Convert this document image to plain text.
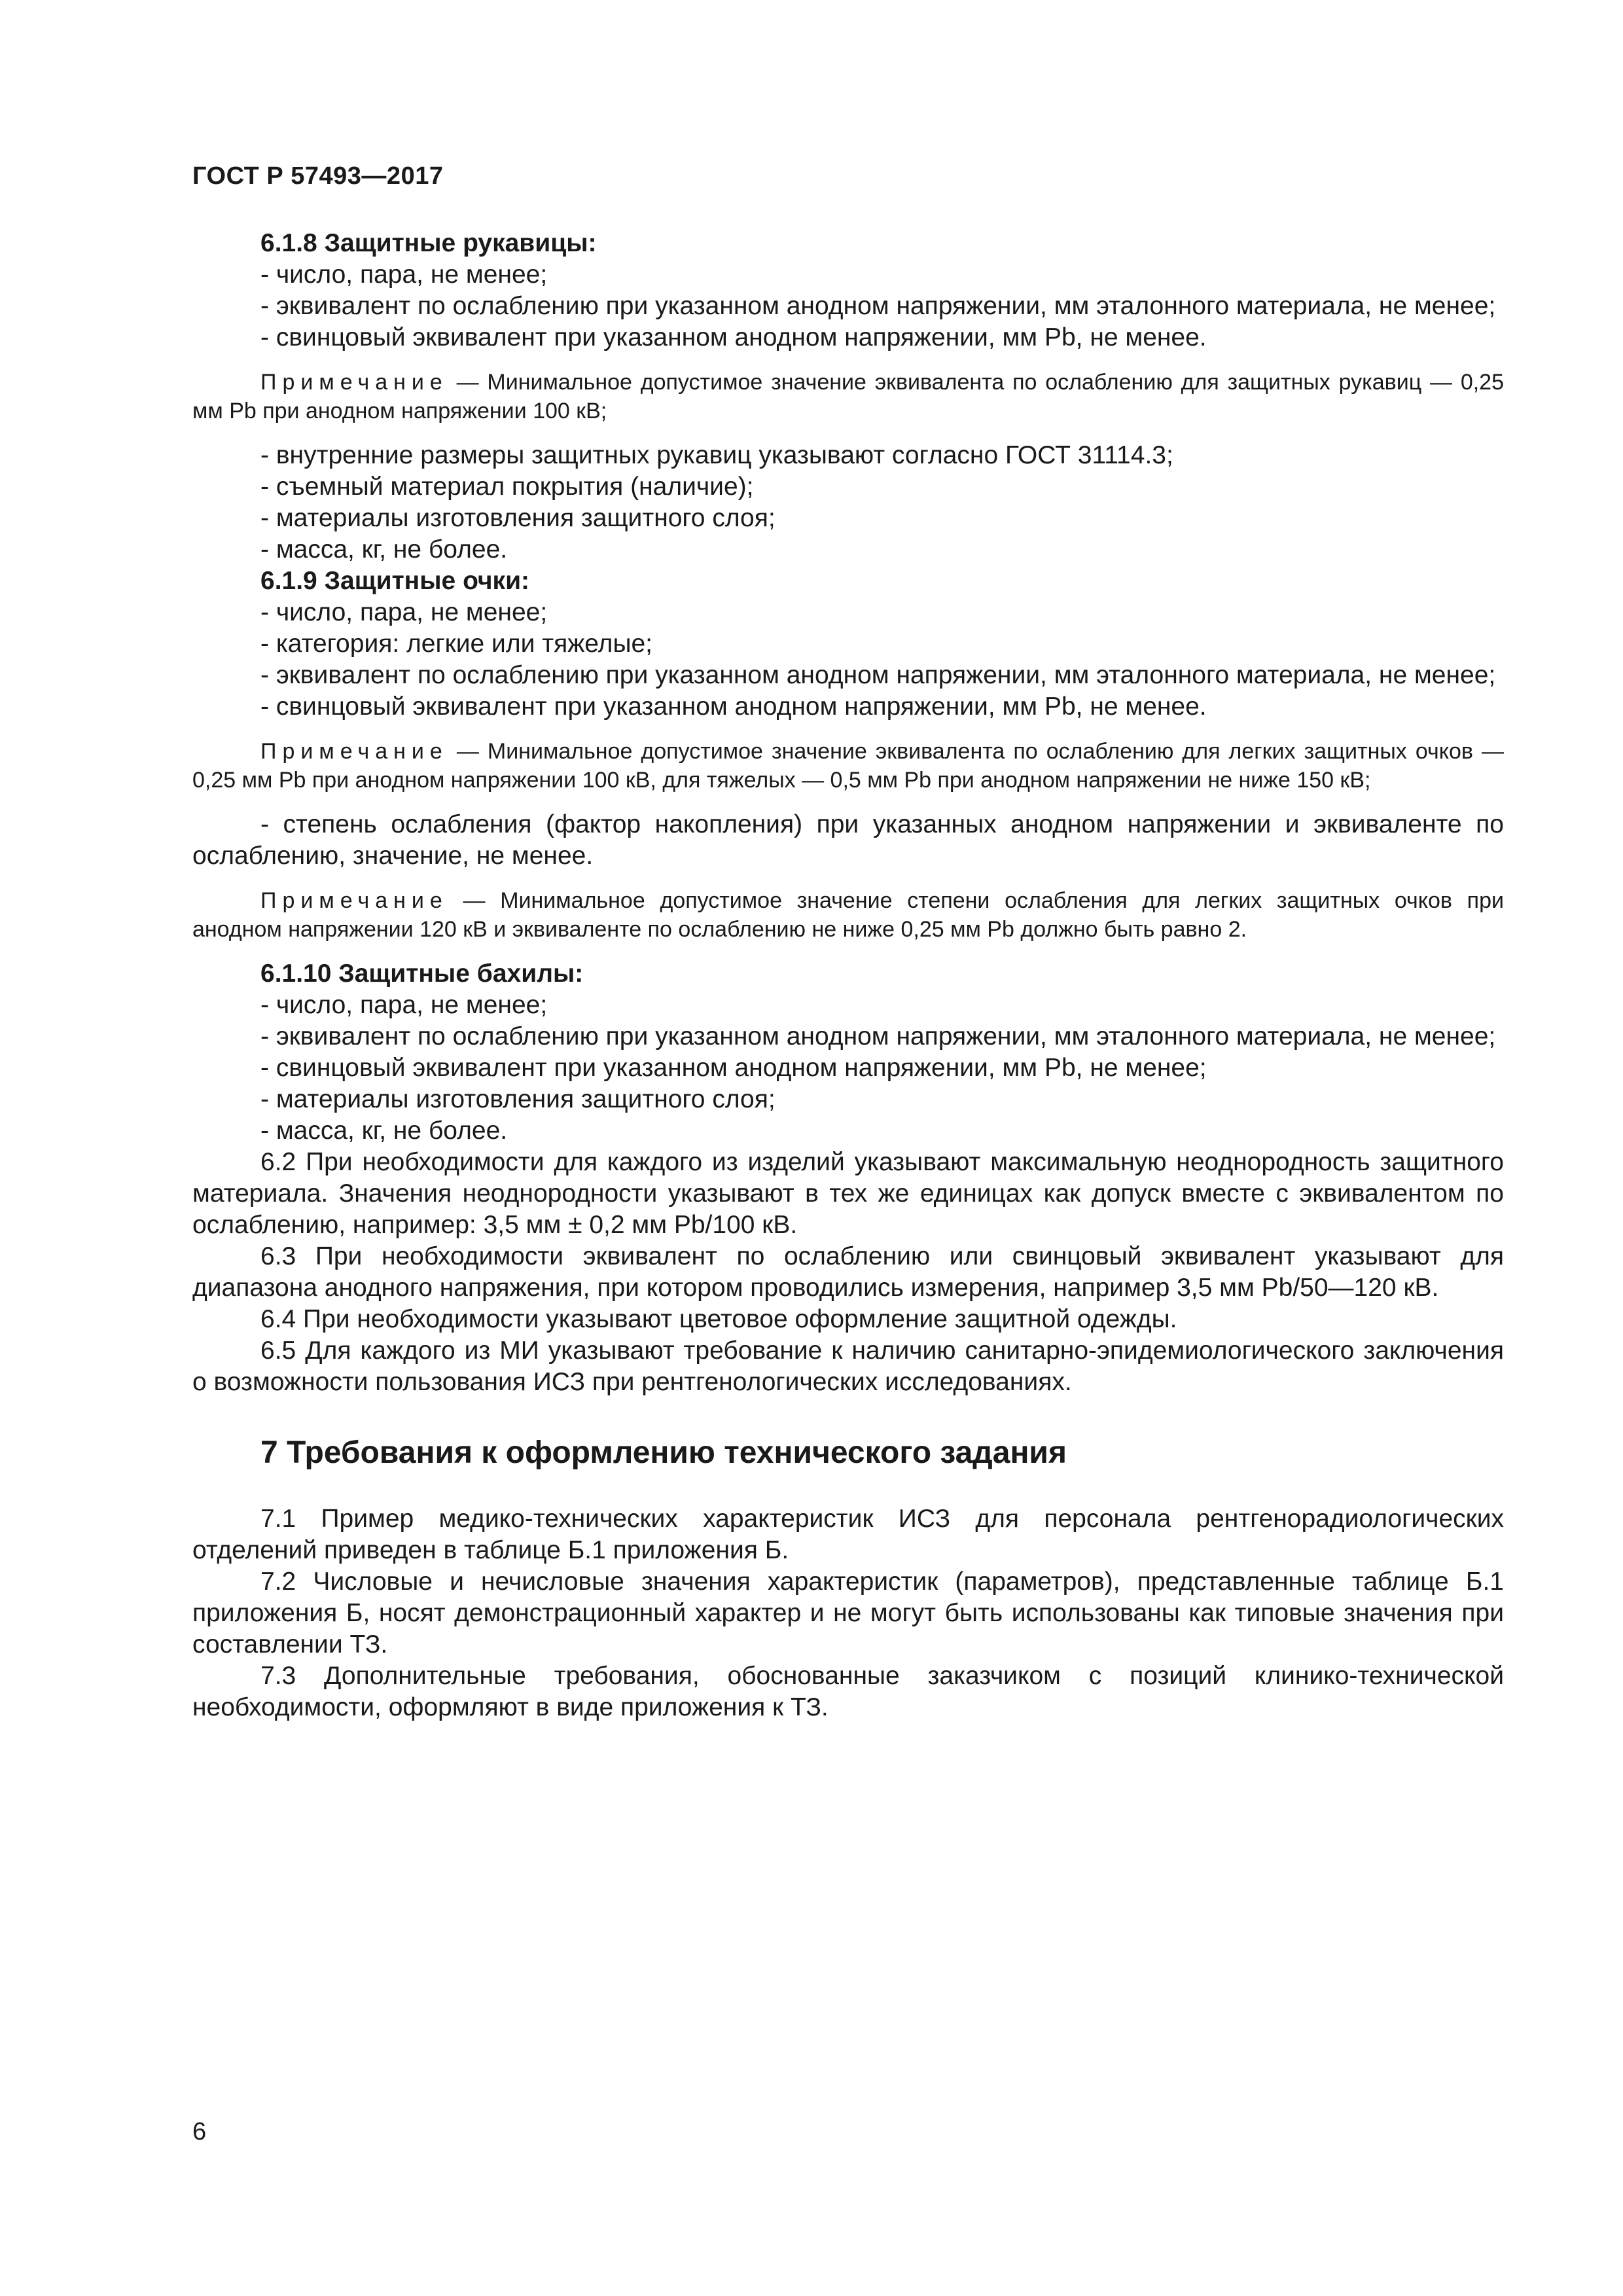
ГОСТ Р 57493—2017

6.1.8 Защитные рукавицы:

- число, пара, не менее;

- эквивалент по ослаблению при указанном анодном напряжении, мм эталонного материала, не менее;

- свинцовый эквивалент при указанном анодном напряжении, мм Pb, не менее.

Примечание — Минимальное допустимое значение эквивалента по ослаблению для защитных рукавиц — 0,25 мм Pb при анодном напряжении 100 кВ;

- внутренние размеры защитных рукавиц указывают согласно ГОСТ 31114.3;

- съемный материал покрытия (наличие);

- материалы изготовления защитного слоя;

- масса, кг, не более.

6.1.9 Защитные очки:

- число, пара, не менее;

- категория: легкие или тяжелые;

- эквивалент по ослаблению при указанном анодном напряжении, мм эталонного материала, не менее;

- свинцовый эквивалент при указанном анодном напряжении, мм Pb, не менее.

Примечание — Минимальное допустимое значение эквивалента по ослаблению для легких защитных очков — 0,25 мм Pb при анодном напряжении 100 кВ, для тяжелых — 0,5 мм Pb при анодном напряжении не ниже 150 кВ;

- степень ослабления (фактор накопления) при указанных анодном напряжении и эквиваленте по ослаблению, значение, не менее.

Примечание — Минимальное допустимое значение степени ослабления для легких защитных очков при анодном напряжении 120 кВ и эквиваленте по ослаблению не ниже 0,25 мм Pb должно быть равно 2.

6.1.10 Защитные бахилы:

- число, пара, не менее;

- эквивалент по ослаблению при указанном анодном напряжении, мм эталонного материала, не менее;

- свинцовый эквивалент при указанном анодном напряжении, мм Pb, не менее;

- материалы изготовления защитного слоя;

- масса, кг, не более.

6.2 При необходимости для каждого из изделий указывают максимальную неоднородность защитного материала. Значения неоднородности указывают в тех же единицах как допуск вместе с эквивалентом по ослаблению, например: 3,5 мм ± 0,2 мм Pb/100 кВ.

6.3 При необходимости эквивалент по ослаблению или свинцовый эквивалент указывают для диапазона анодного напряжения, при котором проводились измерения, например 3,5 мм Pb/50—120 кВ.

6.4 При необходимости указывают цветовое оформление защитной одежды.

6.5 Для каждого из МИ указывают требование к наличию санитарно-эпидемиологического заключения о возможности пользования ИСЗ при рентгенологических исследованиях.

7 Требования к оформлению технического задания

7.1 Пример медико-технических характеристик ИСЗ для персонала рентгенорадиологических отделений приведен в таблице Б.1 приложения Б.

7.2 Числовые и нечисловые значения характеристик (параметров), представленные таблице Б.1 приложения Б, носят демонстрационный характер и не могут быть использованы как типовые значения при составлении ТЗ.

7.3 Дополнительные требования, обоснованные заказчиком с позиций клинико-технической необходимости, оформляют в виде приложения к ТЗ.

6
